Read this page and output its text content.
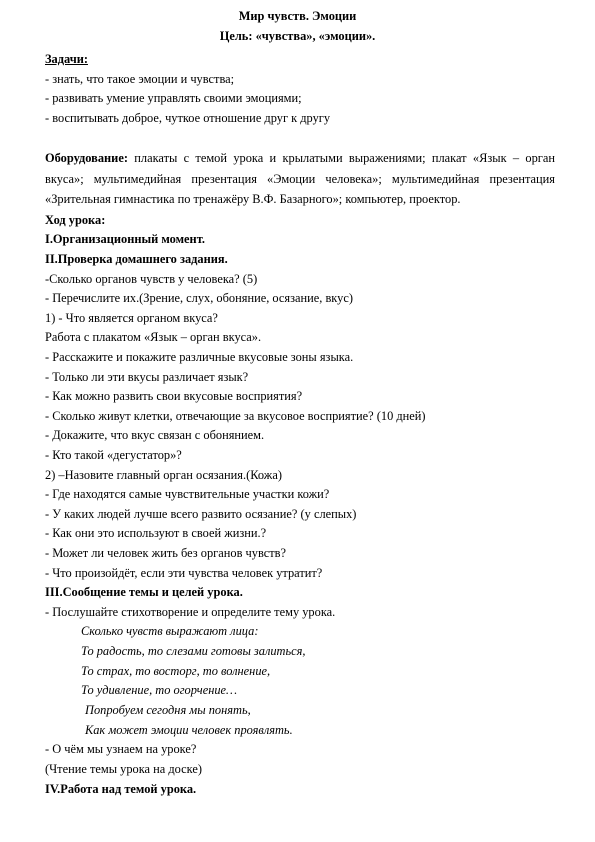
Мир чувств. Эмоции
Цель: «чувства», «эмоции».
Задачи:
- знать, что такое эмоции и чувства;
- развивать умение управлять своими эмоциями;
- воспитывать доброе, чуткое отношение друг к другу
Оборудование: плакаты с темой урока и крылатыми выражениями; плакат «Язык – орган вкуса»; мультимедийная презентация «Эмоции человека»; мультимедийная презентация «Зрительная гимнастика по тренажёру В.Ф. Базарного»; компьютер, проектор.
Ход урока:
I.Организационный момент.
II.Проверка домашнего задания.
-Сколько органов чувств у человека? (5)
- Перечислите их.(Зрение, слух, обоняние, осязание, вкус)
1) - Что является органом вкуса?
Работа с плакатом «Язык – орган вкуса».
- Расскажите и покажите различные вкусовые зоны языка.
- Только ли эти вкусы различает язык?
- Как можно развить свои вкусовые восприятия?
- Сколько живут клетки, отвечающие за вкусовое восприятие? (10 дней)
- Докажите, что вкус связан с обонянием.
- Кто такой «дегустатор»?
2) –Назовите главный орган осязания.(Кожа)
- Где находятся самые чувствительные участки кожи?
- У каких людей лучше всего развито осязание? (у слепых)
- Как они это используют в своей жизни.?
- Может ли человек жить без органов чувств?
- Что произойдёт, если эти чувства человек утратит?
III.Сообщение темы и целей урока.
- Послушайте стихотворение и определите тему урока.
Сколько чувств выражают лица:
То радость, то слезами готовы залиться,
То страх, то восторг, то волнение,
То удивление, то огорчение…
Попробуем сегодня мы понять,
Как может эмоции человек проявлять.
- О чём мы узнаем на уроке?
(Чтение темы урока на доске)
IV.Работа над темой урока.
